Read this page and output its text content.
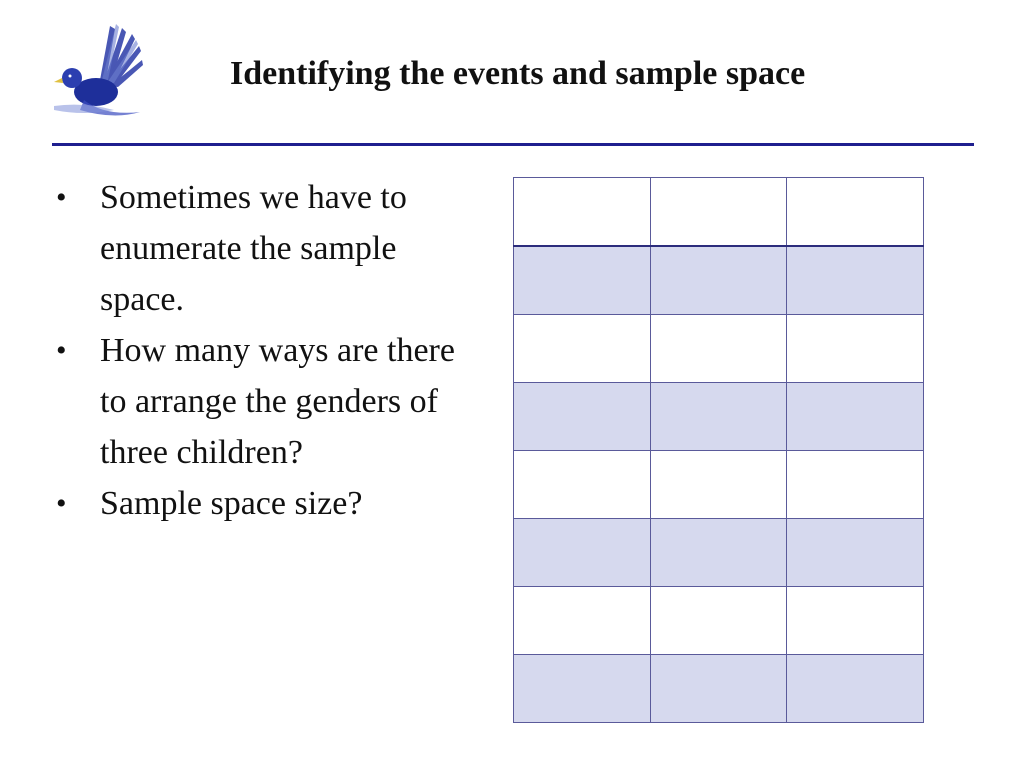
Identifying the events and sample space
• Sometimes we have to enumerate the sample space.
• How many ways are there to arrange the genders of three children?
• Sample space size?
